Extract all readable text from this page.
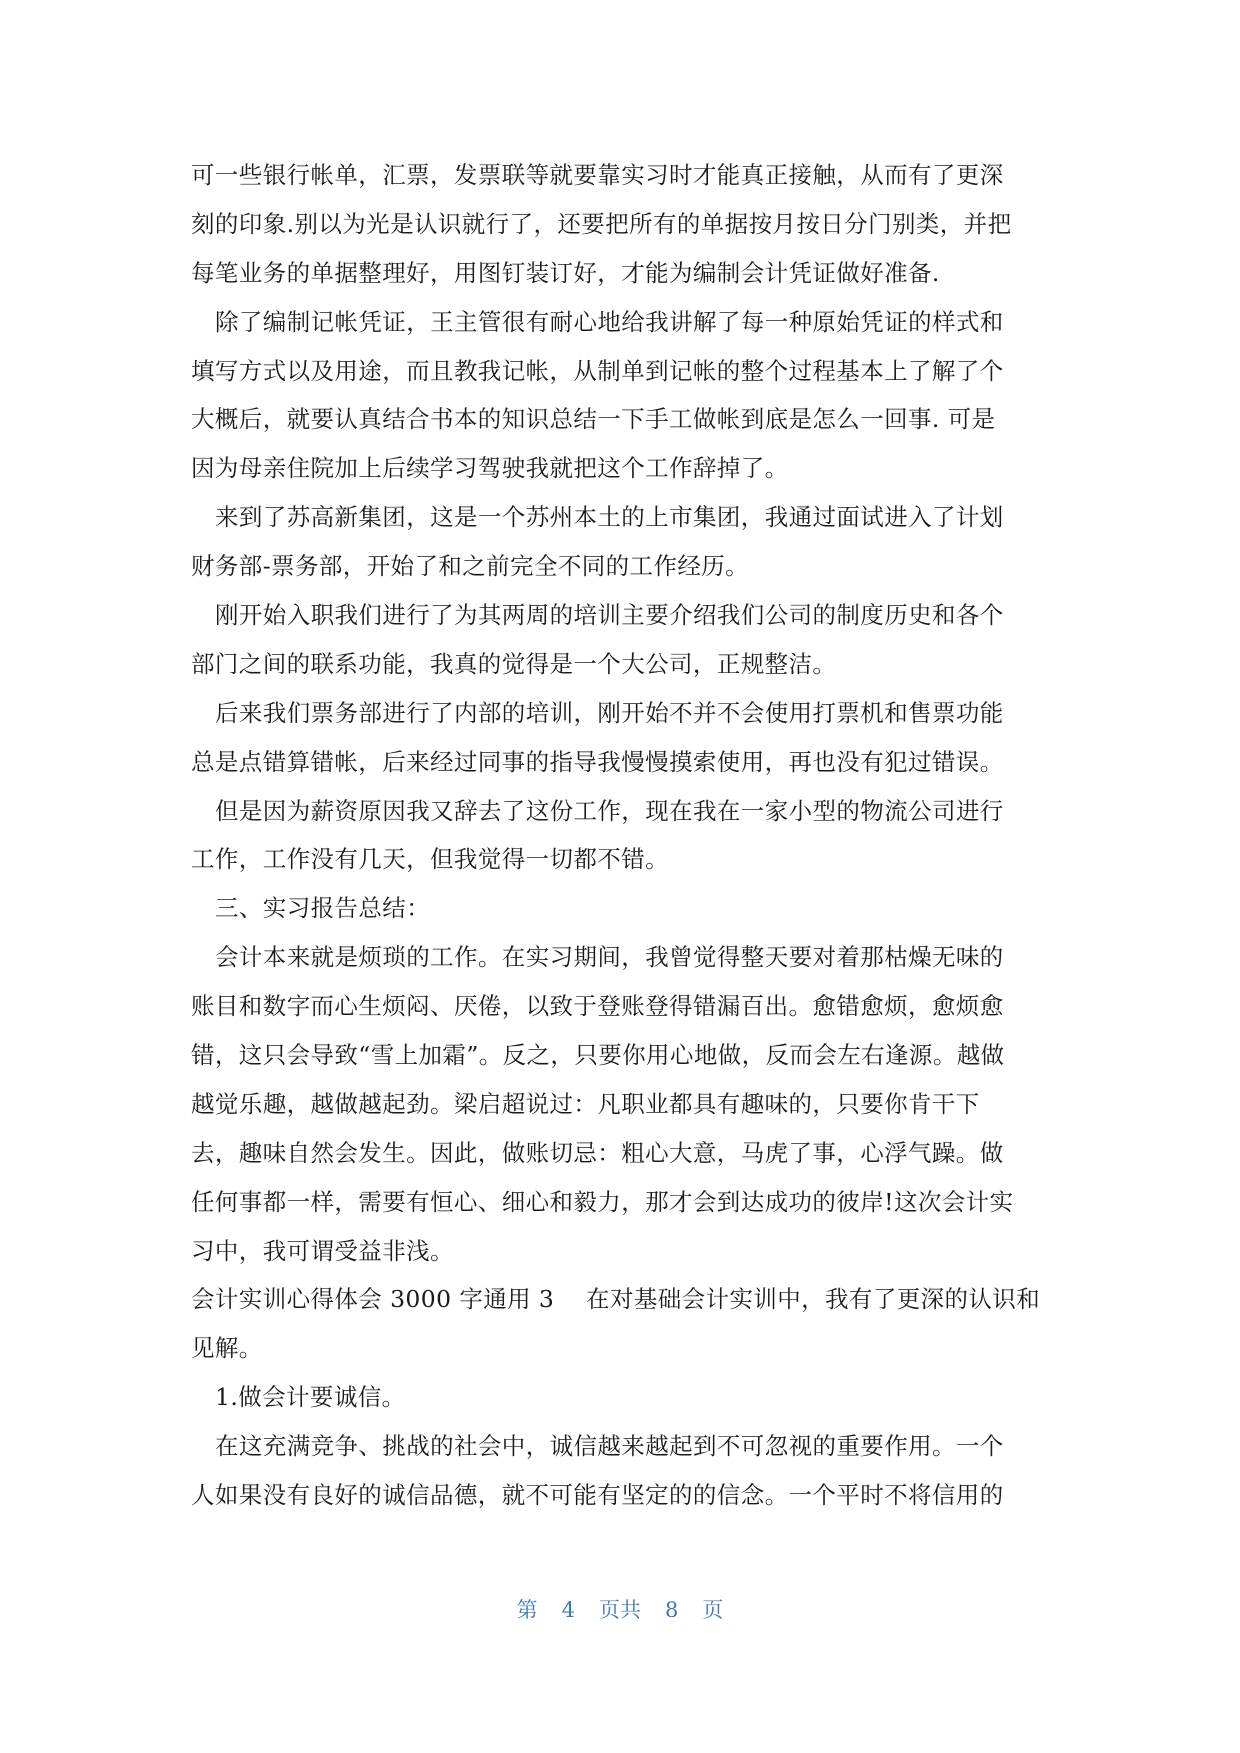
可一些银行帐单，汇票，发票联等就要靠实习时才能真正接触，从而有了更深
刻的印象.别以为光是认识就行了，还要把所有的单据按月按日分门别类，并把
每笔业务的单据整理好，用图钉装订好，才能为编制会计凭证做好准备.
除了编制记帐凭证，王主管很有耐心地给我讲解了每一种原始凭证的样式和
填写方式以及用途，而且教我记帐，从制单到记帐的整个过程基本上了解了个
大概后，就要认真结合书本的知识总结一下手工做帐到底是怎么一回事. 可是
因为母亲住院加上后续学习驾驶我就把这个工作辞掉了。
来到了苏高新集团，这是一个苏州本土的上市集团，我通过面试进入了计划
财务部-票务部，开始了和之前完全不同的工作经历。
刚开始入职我们进行了为其两周的培训主要介绍我们公司的制度历史和各个
部门之间的联系功能，我真的觉得是一个大公司，正规整洁。
后来我们票务部进行了内部的培训，刚开始不并不会使用打票机和售票功能
总是点错算错帐，后来经过同事的指导我慢慢摸索使用，再也没有犯过错误。
但是因为薪资原因我又辞去了这份工作，现在我在一家小型的物流公司进行
工作，工作没有几天，但我觉得一切都不错。
三、实习报告总结：
会计本来就是烦琐的工作。在实习期间，我曾觉得整天要对着那枯燥无味的
账目和数字而心生烦闷、厌倦，以致于登账登得错漏百出。愈错愈烦，愈烦愈
错，这只会导致“雪上加霜”。反之，只要你用心地做，反而会左右逢源。越做
越觉乐趣，越做越起劲。梁启超说过：凡职业都具有趣味的，只要你肯干下
去，趣味自然会发生。因此，做账切忌：粗心大意，马虎了事，心浮气躁。做
任何事都一样，需要有恒心、细心和毅力，那才会到达成功的彼岸!这次会计实
习中，我可谓受益非浅。
会计实训心得体会 3000 字通用 3　 在对基础会计实训中，我有了更深的认识和
见解。
1.做会计要诚信。
在这充满竞争、挑战的社会中，诚信越来越起到不可忽视的重要作用。一个
人如果没有良好的诚信品德，就不可能有坚定的的信念。一个平时不将信用的
第 4 页共 8 页
